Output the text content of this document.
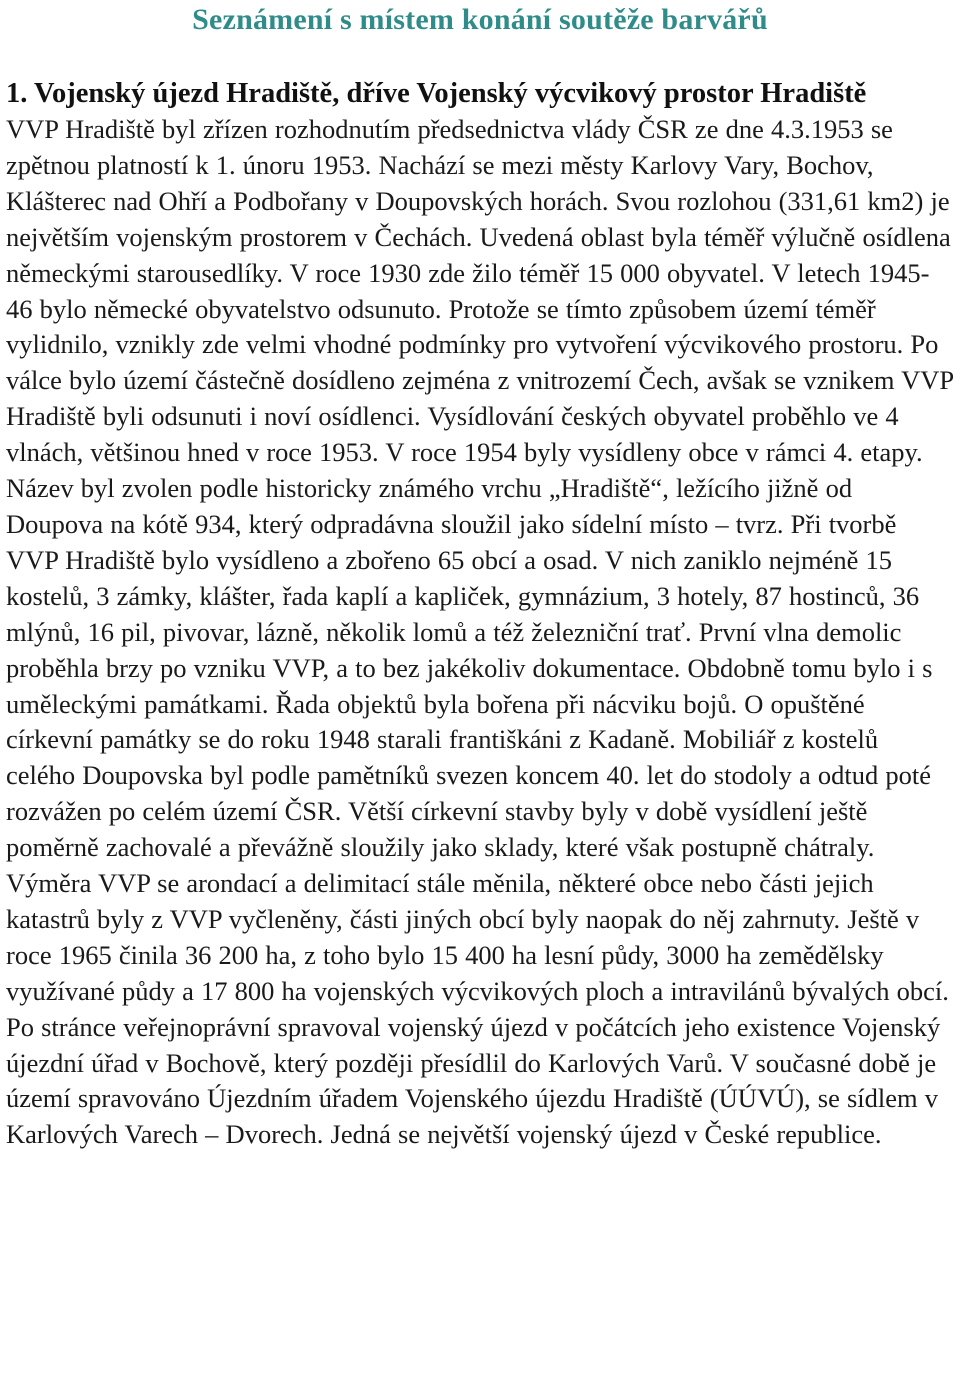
Seznámení s místem konání soutěže barvářů
1. Vojenský újezd Hradiště, dříve Vojenský výcvikový prostor Hradiště

VVP Hradiště byl zřízen rozhodnutím předsednictva vlády ČSR ze dne 4.3.1953 se zpětnou platností k 1. únoru 1953. Nachází se mezi městy Karlovy Vary, Bochov, Klášterec nad Ohří a Podbořany v Doupovských horách. Svou rozlohou (331,61 km2) je největším vojenským prostorem v Čechách. Uvedená oblast byla téměř výlučně osídlena německými starousedlíky. V roce 1930 zde žilo téměř 15 000 obyvatel. V letech 1945-46 bylo německé obyvatelstvo odsunuto. Protože se tímto způsobem území téměř vylidnilo, vznikly zde velmi vhodné podmínky pro vytvoření výcvikového prostoru. Po válce bylo území částečně dosídleno zejména z vnitrozemí Čech, avšak se vznikem VVP Hradiště byli odsunuti i noví osídlenci. Vysídlování českých obyvatel proběhlo ve 4 vlnách, většinou hned v roce 1953. V roce 1954 byly vysídleny obce v rámci 4. etapy. Název byl zvolen podle historicky známého vrchu „Hradiště“, ležícího jižně od Doupova na kótě 934, který odpradávna sloužil jako sídelní místo – tvrz. Při tvorbě VVP Hradiště bylo vysídleno a zbořeno 65 obcí a osad. V nich zaniklo nejméně 15 kostelů, 3 zámky, klášter, řada kaplí a kapliček, gymnázium, 3 hotely, 87 hostinců, 36 mlýnů, 16 pil, pivovar, lázně, několik lomů a též železniční trať. První vlna demolic proběhla brzy po vzniku VVP, a to bez jakékoliv dokumentace. Obdobně tomu bylo i s uměleckými památkami. Řada objektů byla bořena při nácviku bojů. O opuštěné církevní památky se do roku 1948 starali františkáni z Kadaně. Mobiliář z kostelů celého Doupovska byl podle pamětníků svezen koncem 40. let do stodoly a odtud poté rozvážen po celém území ČSR. Větší církevní stavby byly v době vysídlení ještě poměrně zachovalé a převážně sloužily jako sklady, které však postupně chátraly.

Výměra VVP se arondací a delimitací stále měnila, některé obce nebo části jejich katastrů byly z VVP vyčleněny, části jiných obcí byly naopak do něj zahrnuty. Ještě v roce 1965 činila 36 200 ha, z toho bylo 15 400 ha lesní půdy, 3000 ha zemědělsky využívané půdy a 17 800 ha vojenských výcvikových ploch a intravilánů bývalých obcí. Po stránce veřejnoprávní spravoval vojenský újezd v počátcích jeho existence Vojenský újezdní úřad v Bochově, který později přesídlil do Karlových Varů. V současné době je území spravováno Újezdním úřadem Vojenského újezdu Hradiště (ÚÚVÚ), se sídlem v Karlových Varech – Dvorech. Jedná se největší vojenský újezd v České republice.
